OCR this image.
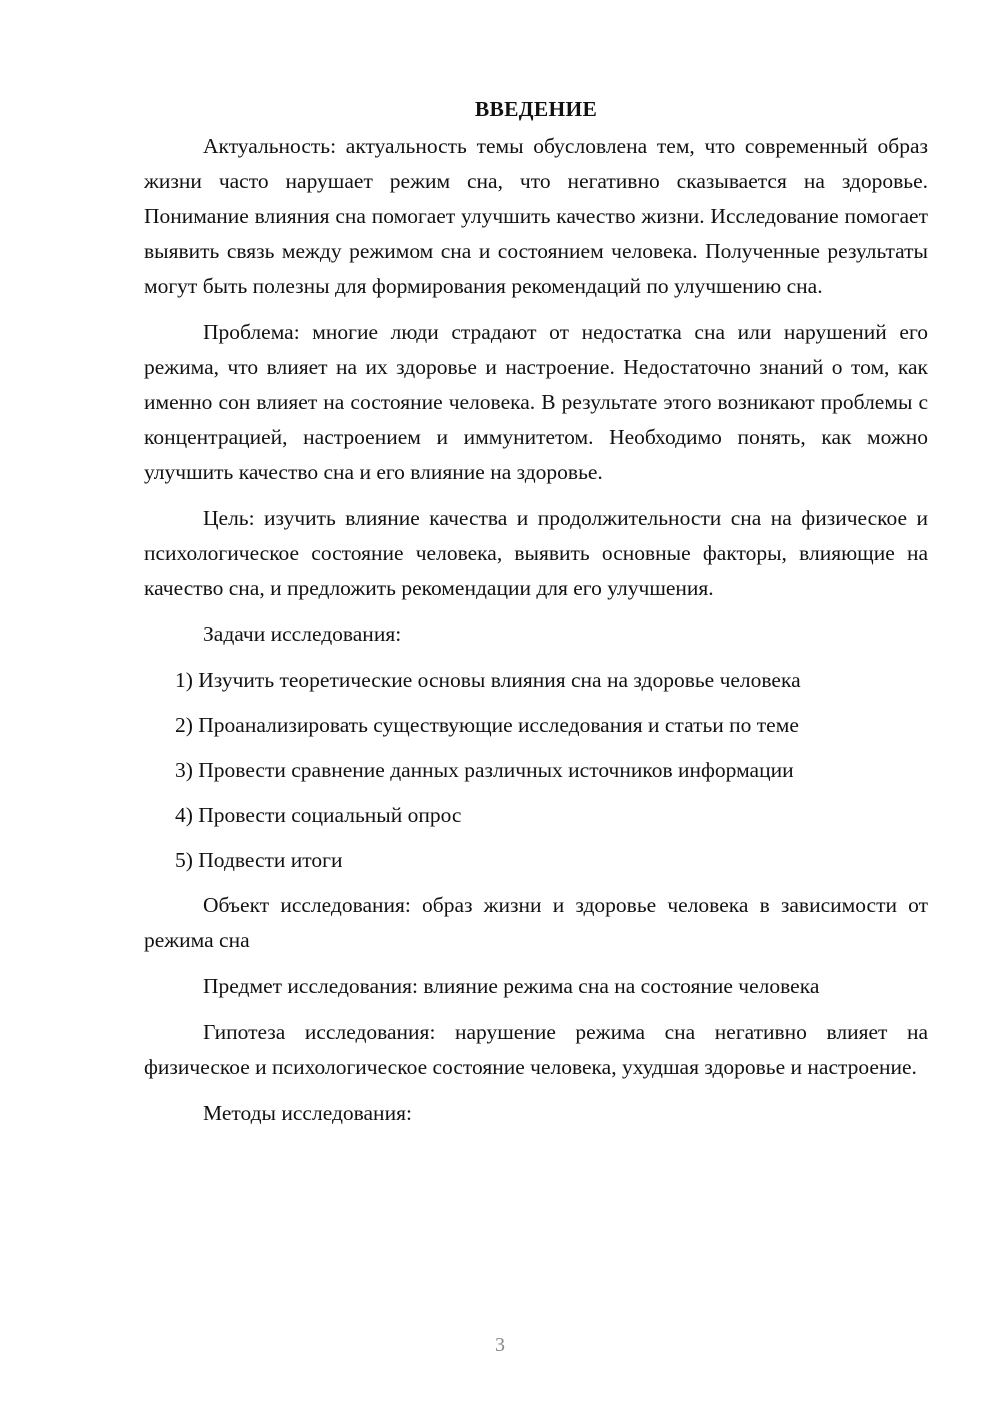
ВВЕДЕНИЕ

Актуальность: актуальность темы обусловлена тем, что современный образ жизни часто нарушает режим сна, что негативно сказывается на здоровье. Понимание влияния сна помогает улучшить качество жизни. Исследование помогает выявить связь между режимом сна и состоянием человека. Полученные результаты могут быть полезны для формирования рекомендаций по улучшению сна.

Проблема: многие люди страдают от недостатка сна или нарушений его режима, что влияет на их здоровье и настроение. Недостаточно знаний о том, как именно сон влияет на состояние человека. В результате этого возникают проблемы с концентрацией, настроением и иммунитетом. Необходимо понять, как можно улучшить качество сна и его влияние на здоровье.

Цель: изучить влияние качества и продолжительности сна на физическое и психологическое состояние человека, выявить основные факторы, влияющие на качество сна, и предложить рекомендации для его улучшения.

Задачи исследования:

1) Изучить теоретические основы влияния сна на здоровье человека
2) Проанализировать существующие исследования и статьи по теме
3) Провести сравнение данных различных источников информации
4) Провести социальный опрос
5) Подвести итоги

Объект исследования: образ жизни и здоровье человека в зависимости от режима сна

Предмет исследования: влияние режима сна на состояние человека

Гипотеза исследования: нарушение режима сна негативно влияет на физическое и психологическое состояние человека, ухудшая здоровье и настроение.

Методы исследования:

3
